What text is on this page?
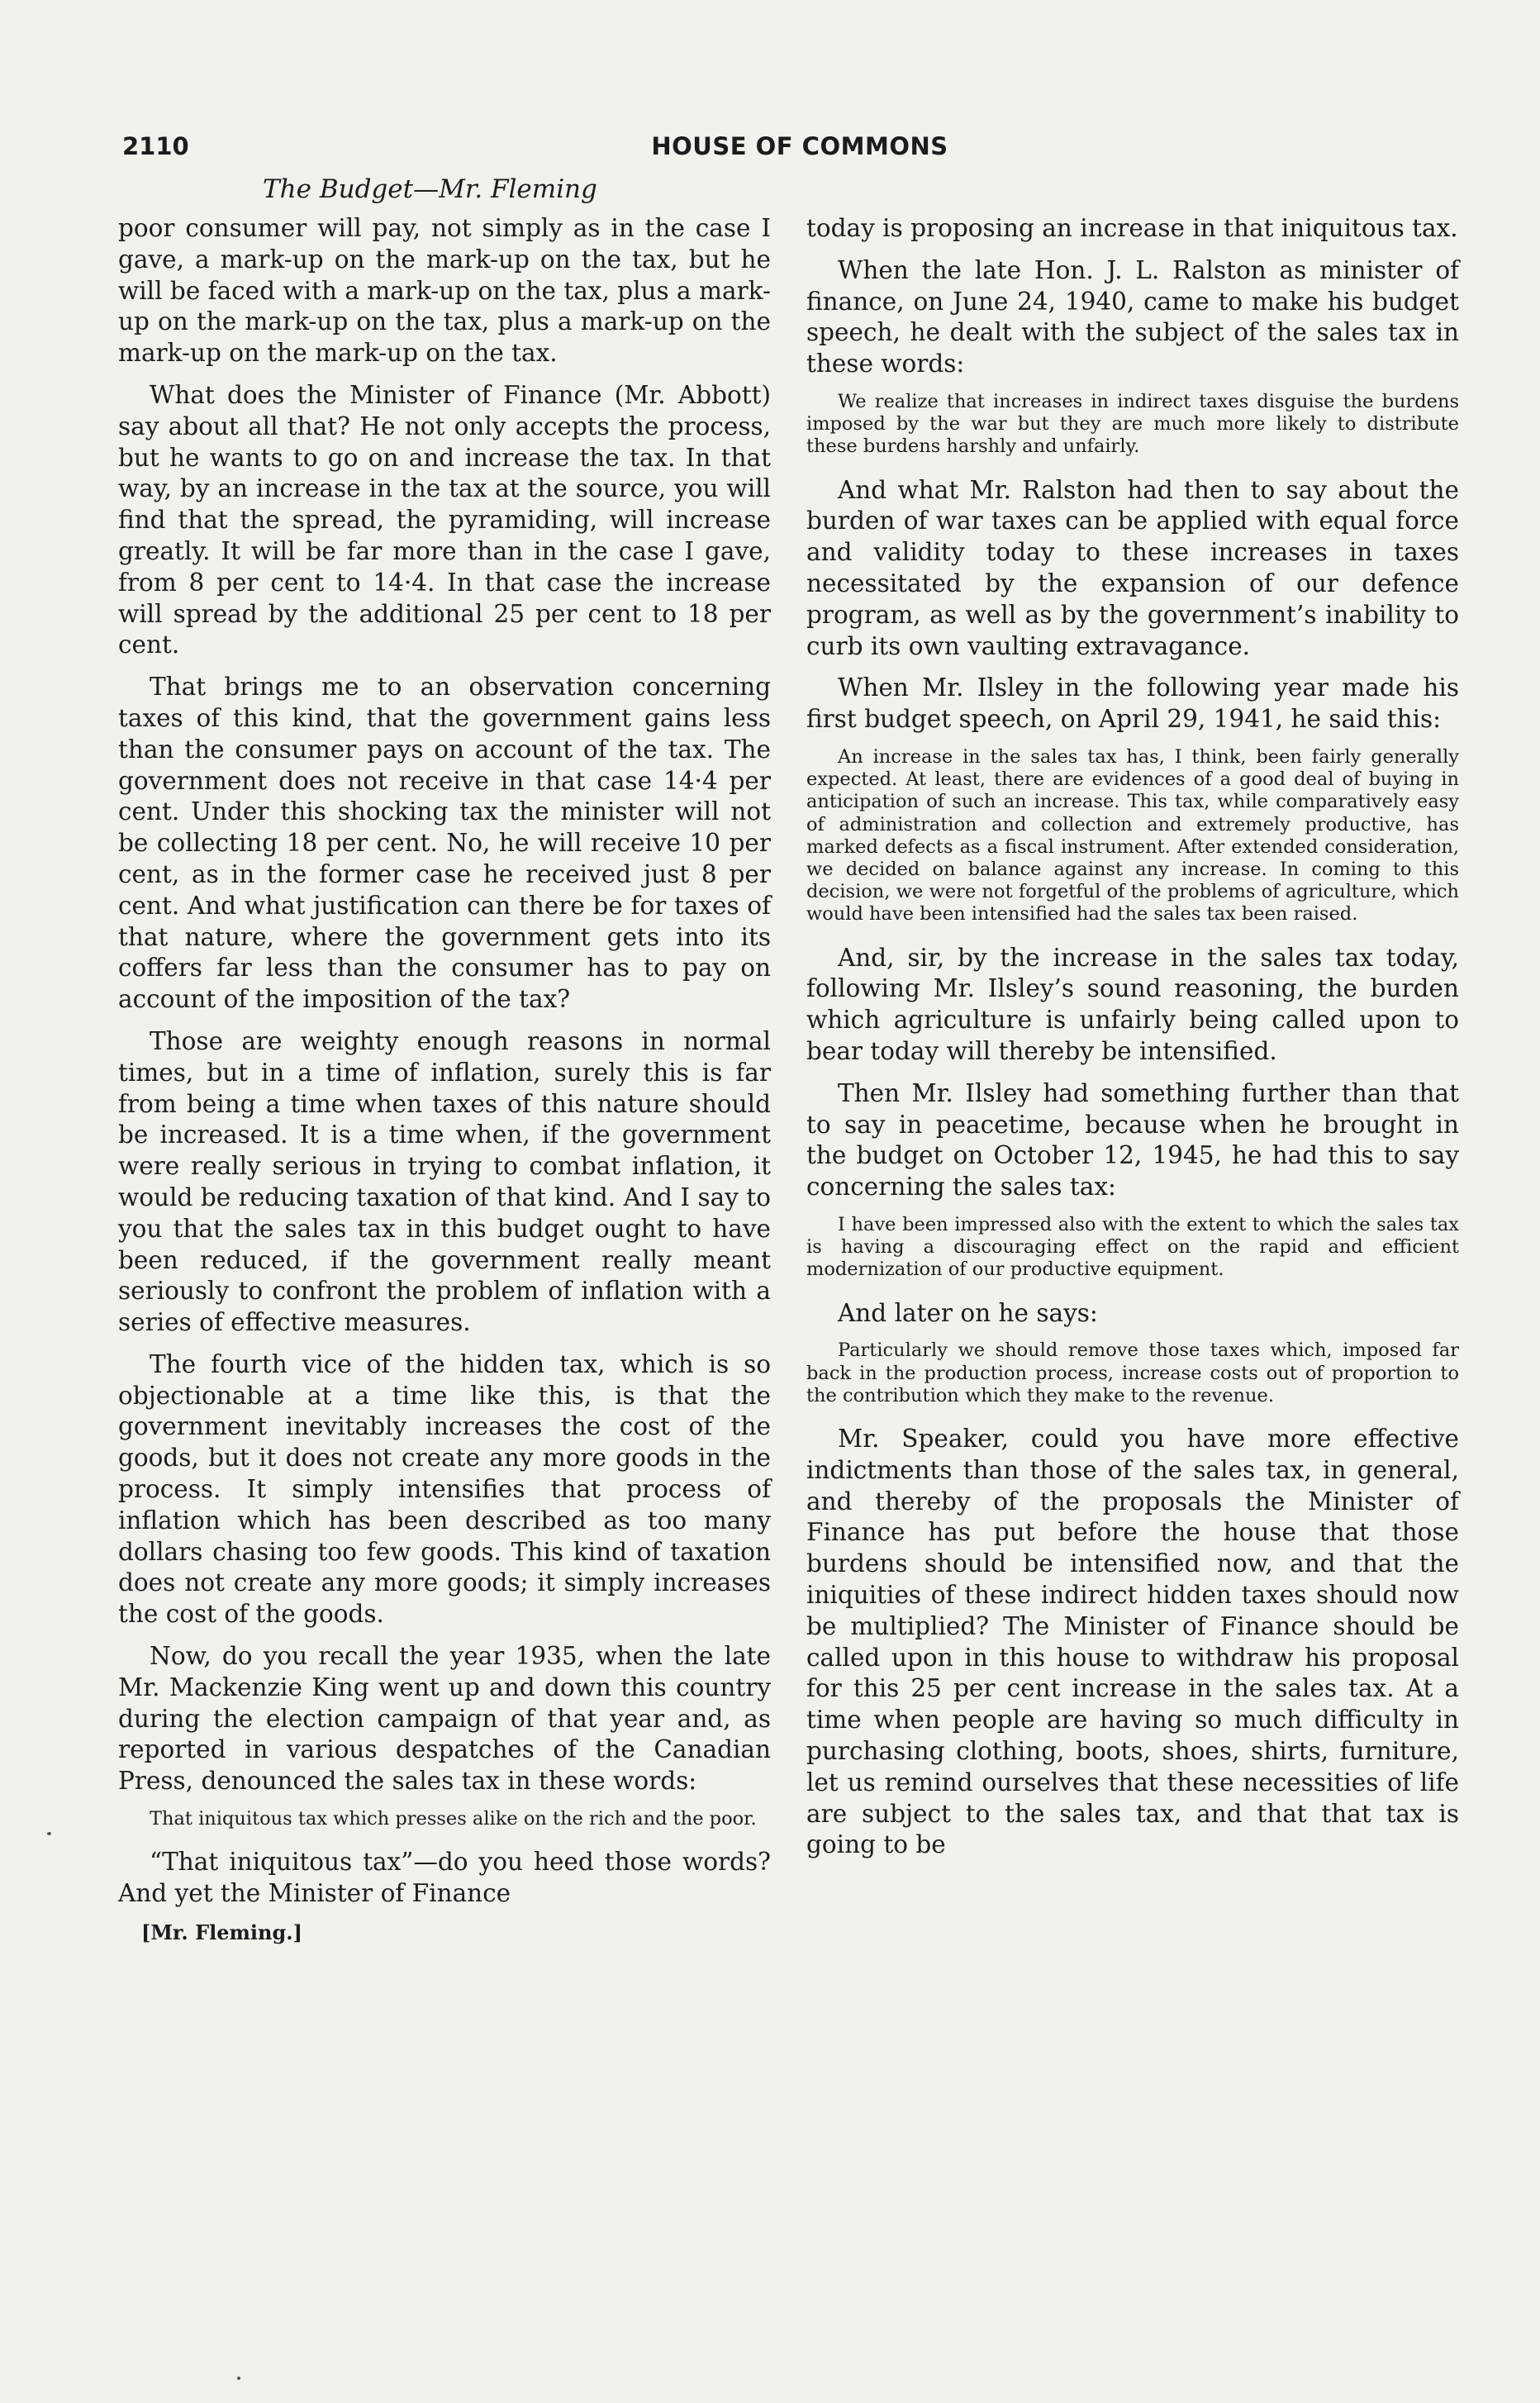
2110	HOUSE OF COMMONS
The Budget—Mr. Fleming

poor consumer will pay, not simply as in the case I gave, a mark-up on the mark-up on the tax, but he will be faced with a mark-up on the tax, plus a mark-up on the mark-up on the tax, plus a mark-up on the mark-up on the mark-up on the tax.

What does the Minister of Finance (Mr. Abbott) say about all that? He not only accepts the process, but he wants to go on and increase the tax. In that way, by an increase in the tax at the source, you will find that the spread, the pyramiding, will increase greatly. It will be far more than in the case I gave, from 8 per cent to 14·4. In that case the increase will spread by the additional 25 per cent to 18 per cent.

That brings me to an observation concerning taxes of this kind, that the government gains less than the consumer pays on account of the tax. The government does not receive in that case 14·4 per cent. Under this shocking tax the minister will not be collecting 18 per cent. No, he will receive 10 per cent, as in the former case he received just 8 per cent. And what justification can there be for taxes of that nature, where the government gets into its coffers far less than the consumer has to pay on account of the imposition of the tax?

Those are weighty enough reasons in normal times, but in a time of inflation, surely this is far from being a time when taxes of this nature should be increased. It is a time when, if the government were really serious in trying to combat inflation, it would be reducing taxation of that kind. And I say to you that the sales tax in this budget ought to have been reduced, if the government really meant seriously to confront the problem of inflation with a series of effective measures.

The fourth vice of the hidden tax, which is so objectionable at a time like this, is that the government inevitably increases the cost of the goods, but it does not create any more goods in the process. It simply intensifies that process of inflation which has been described as too many dollars chasing too few goods. This kind of taxation does not create any more goods; it simply increases the cost of the goods.

Now, do you recall the year 1935, when the late Mr. Mackenzie King went up and down this country during the election campaign of that year and, as reported in various despatches of the Canadian Press, denounced the sales tax in these words:

That iniquitous tax which presses alike on the rich and the poor.

“That iniquitous tax”—do you heed those words? And yet the Minister of Finance

[Mr. Fleming.]

today is proposing an increase in that iniquitous tax.

When the late Hon. J. L. Ralston as minister of finance, on June 24, 1940, came to make his budget speech, he dealt with the subject of the sales tax in these words:

We realize that increases in indirect taxes disguise the burdens imposed by the war but they are much more likely to distribute these burdens harshly and unfairly.

And what Mr. Ralston had then to say about the burden of war taxes can be applied with equal force and validity today to these increases in taxes necessitated by the expansion of our defence program, as well as by the government’s inability to curb its own vaulting extravagance.

When Mr. Ilsley in the following year made his first budget speech, on April 29, 1941, he said this:

An increase in the sales tax has, I think, been fairly generally expected. At least, there are evidences of a good deal of buying in anticipation of such an increase. This tax, while comparatively easy of administration and collection and extremely productive, has marked defects as a fiscal instrument. After extended consideration, we decided on balance against any increase. In coming to this decision, we were not forgetful of the problems of agriculture, which would have been intensified had the sales tax been raised.

And, sir, by the increase in the sales tax today, following Mr. Ilsley’s sound reasoning, the burden which agriculture is unfairly being called upon to bear today will thereby be intensified.

Then Mr. Ilsley had something further than that to say in peacetime, because when he brought in the budget on October 12, 1945, he had this to say concerning the sales tax:

I have been impressed also with the extent to which the sales tax is having a discouraging effect on the rapid and efficient modernization of our productive equipment.

And later on he says:

Particularly we should remove those taxes which, imposed far back in the production process, increase costs out of proportion to the contribution which they make to the revenue.

Mr. Speaker, could you have more effective indictments than those of the sales tax, in general, and thereby of the proposals the Minister of Finance has put before the house that those burdens should be intensified now, and that the iniquities of these indirect hidden taxes should now be multiplied? The Minister of Finance should be called upon in this house to withdraw his proposal for this 25 per cent increase in the sales tax. At a time when people are having so much difficulty in purchasing clothing, boots, shoes, shirts, furniture, let us remind ourselves that these necessities of life are subject to the sales tax, and that that tax is going to be
